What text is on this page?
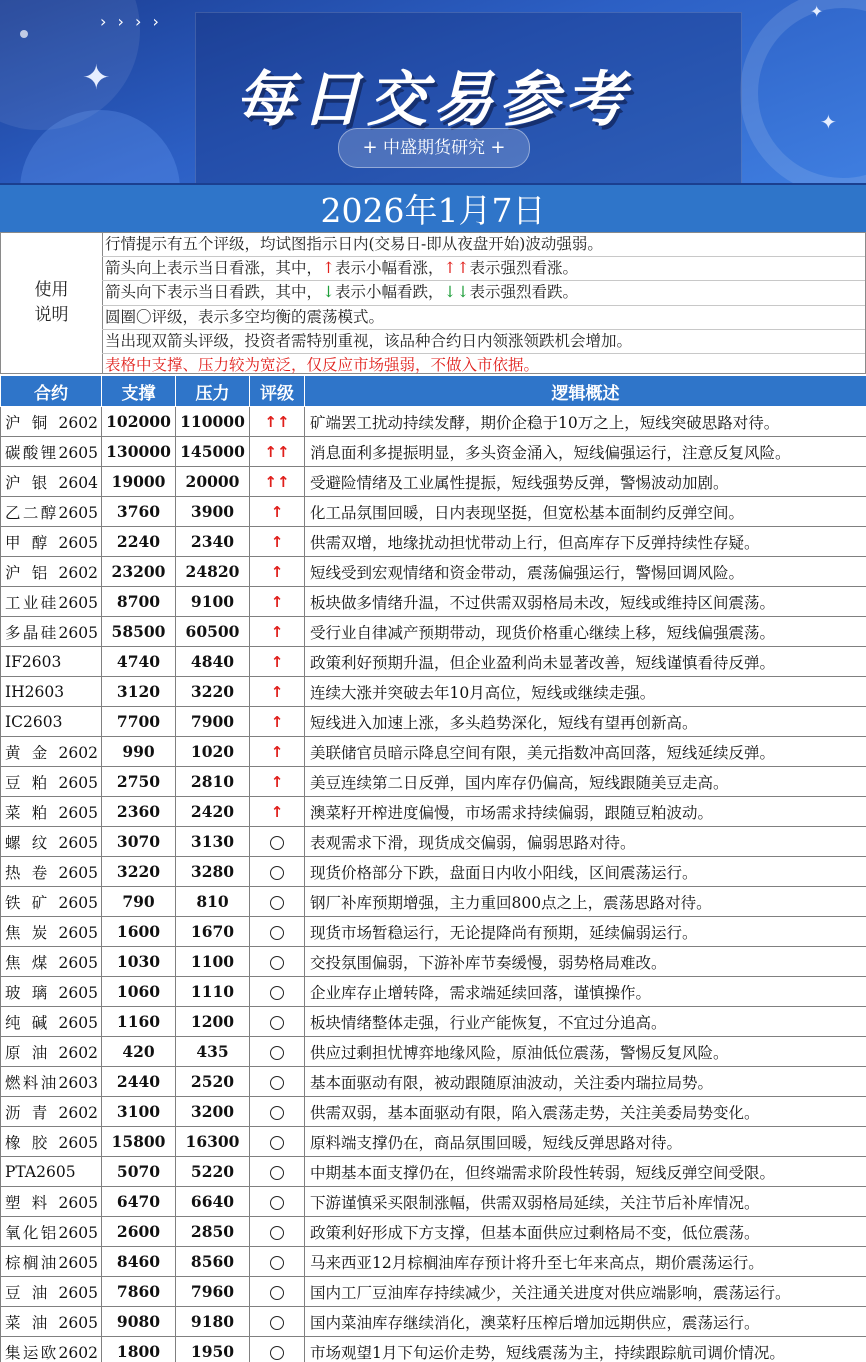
› › › ›
✦
✦
✦
每日交易参考
+ 中盛期货研究 +
2026年1月7日
使用
说明
行情提示有五个评级，均试图指示日内(交易日-即从夜盘开始)波动强弱。
箭头向上表示当日看涨，其中，↑表示小幅看涨，↑↑表示强烈看涨。
箭头向下表示当日看跌，其中，↓表示小幅看跌，↓↓表示强烈看跌。
圆圈〇评级，表示多空均衡的震荡模式。
当出现双箭头评级，投资者需特别重视，该品种合约日内领涨领跌机会增加。
表格中支撑、压力较为宽泛，仅反应市场强弱，不做入市依据。
合约	支撑	压力	评级	逻辑概述
沪铜2602	102000	110000	↑↑	矿端罢工扰动持续发酵，期价企稳于10万之上，短线突破思路对待。
碳酸锂2605	130000	145000	↑↑	消息面利多提振明显，多头资金涌入，短线偏强运行，注意反复风险。
沪银2604	19000	20000	↑↑	受避险情绪及工业属性提振，短线强势反弹，警惕波动加剧。
乙二醇2605	3760	3900	↑	化工品氛围回暖，日内表现坚挺，但宽松基本面制约反弹空间。
甲醇2605	2240	2340	↑	供需双增，地缘扰动担忧带动上行，但高库存下反弹持续性存疑。
沪铝2602	23200	24820	↑	短线受到宏观情绪和资金带动，震荡偏强运行，警惕回调风险。
工业硅2605	8700	9100	↑	板块做多情绪升温，不过供需双弱格局未改，短线或维持区间震荡。
多晶硅2605	58500	60500	↑	受行业自律减产预期带动，现货价格重心继续上移，短线偏强震荡。
IF2603	4740	4840	↑	政策利好预期升温，但企业盈利尚未显著改善，短线谨慎看待反弹。
IH2603	3120	3220	↑	连续大涨并突破去年10月高位，短线或继续走强。
IC2603	7700	7900	↑	短线进入加速上涨，多头趋势深化，短线有望再创新高。
黄金2602	990	1020	↑	美联储官员暗示降息空间有限，美元指数冲高回落，短线延续反弹。
豆粕2605	2750	2810	↑	美豆连续第二日反弹，国内库存仍偏高，短线跟随美豆走高。
菜粕2605	2360	2420	↑	澳菜籽开榨进度偏慢，市场需求持续偏弱，跟随豆粕波动。
螺纹2605	3070	3130		表观需求下滑，现货成交偏弱，偏弱思路对待。
热卷2605	3220	3280		现货价格部分下跌，盘面日内收小阳线，区间震荡运行。
铁矿2605	790	810		钢厂补库预期增强，主力重回800点之上，震荡思路对待。
焦炭2605	1600	1670		现货市场暂稳运行，无论提降尚有预期，延续偏弱运行。
焦煤2605	1030	1100		交投氛围偏弱，下游补库节奏缓慢，弱势格局难改。
玻璃2605	1060	1110		企业库存止增转降，需求端延续回落，谨慎操作。
纯碱2605	1160	1200		板块情绪整体走强，行业产能恢复，不宜过分追高。
原油2602	420	435		供应过剩担忧博弈地缘风险，原油低位震荡，警惕反复风险。
燃料油2603	2440	2520		基本面驱动有限，被动跟随原油波动，关注委内瑞拉局势。
沥青2602	3100	3200		供需双弱，基本面驱动有限，陷入震荡走势，关注美委局势变化。
橡胶2605	15800	16300		原料端支撑仍在，商品氛围回暖，短线反弹思路对待。
PTA2605	5070	5220		中期基本面支撑仍在，但终端需求阶段性转弱，短线反弹空间受限。
塑料2605	6470	6640		下游谨慎采买限制涨幅，供需双弱格局延续，关注节后补库情况。
氧化铝2605	2600	2850		政策利好形成下方支撑，但基本面供应过剩格局不变，低位震荡。
棕榈油2605	8460	8560		马来西亚12月棕榈油库存预计将升至七年来高点，期价震荡运行。
豆油2605	7860	7960		国内工厂豆油库存持续减少，关注通关进度对供应端影响，震荡运行。
菜油2605	9080	9180		国内菜油库存继续消化，澳菜籽压榨后增加远期供应，震荡运行。
集运欧2602	1800	1950		市场观望1月下旬运价走势，短线震荡为主，持续跟踪航司调价情况。
